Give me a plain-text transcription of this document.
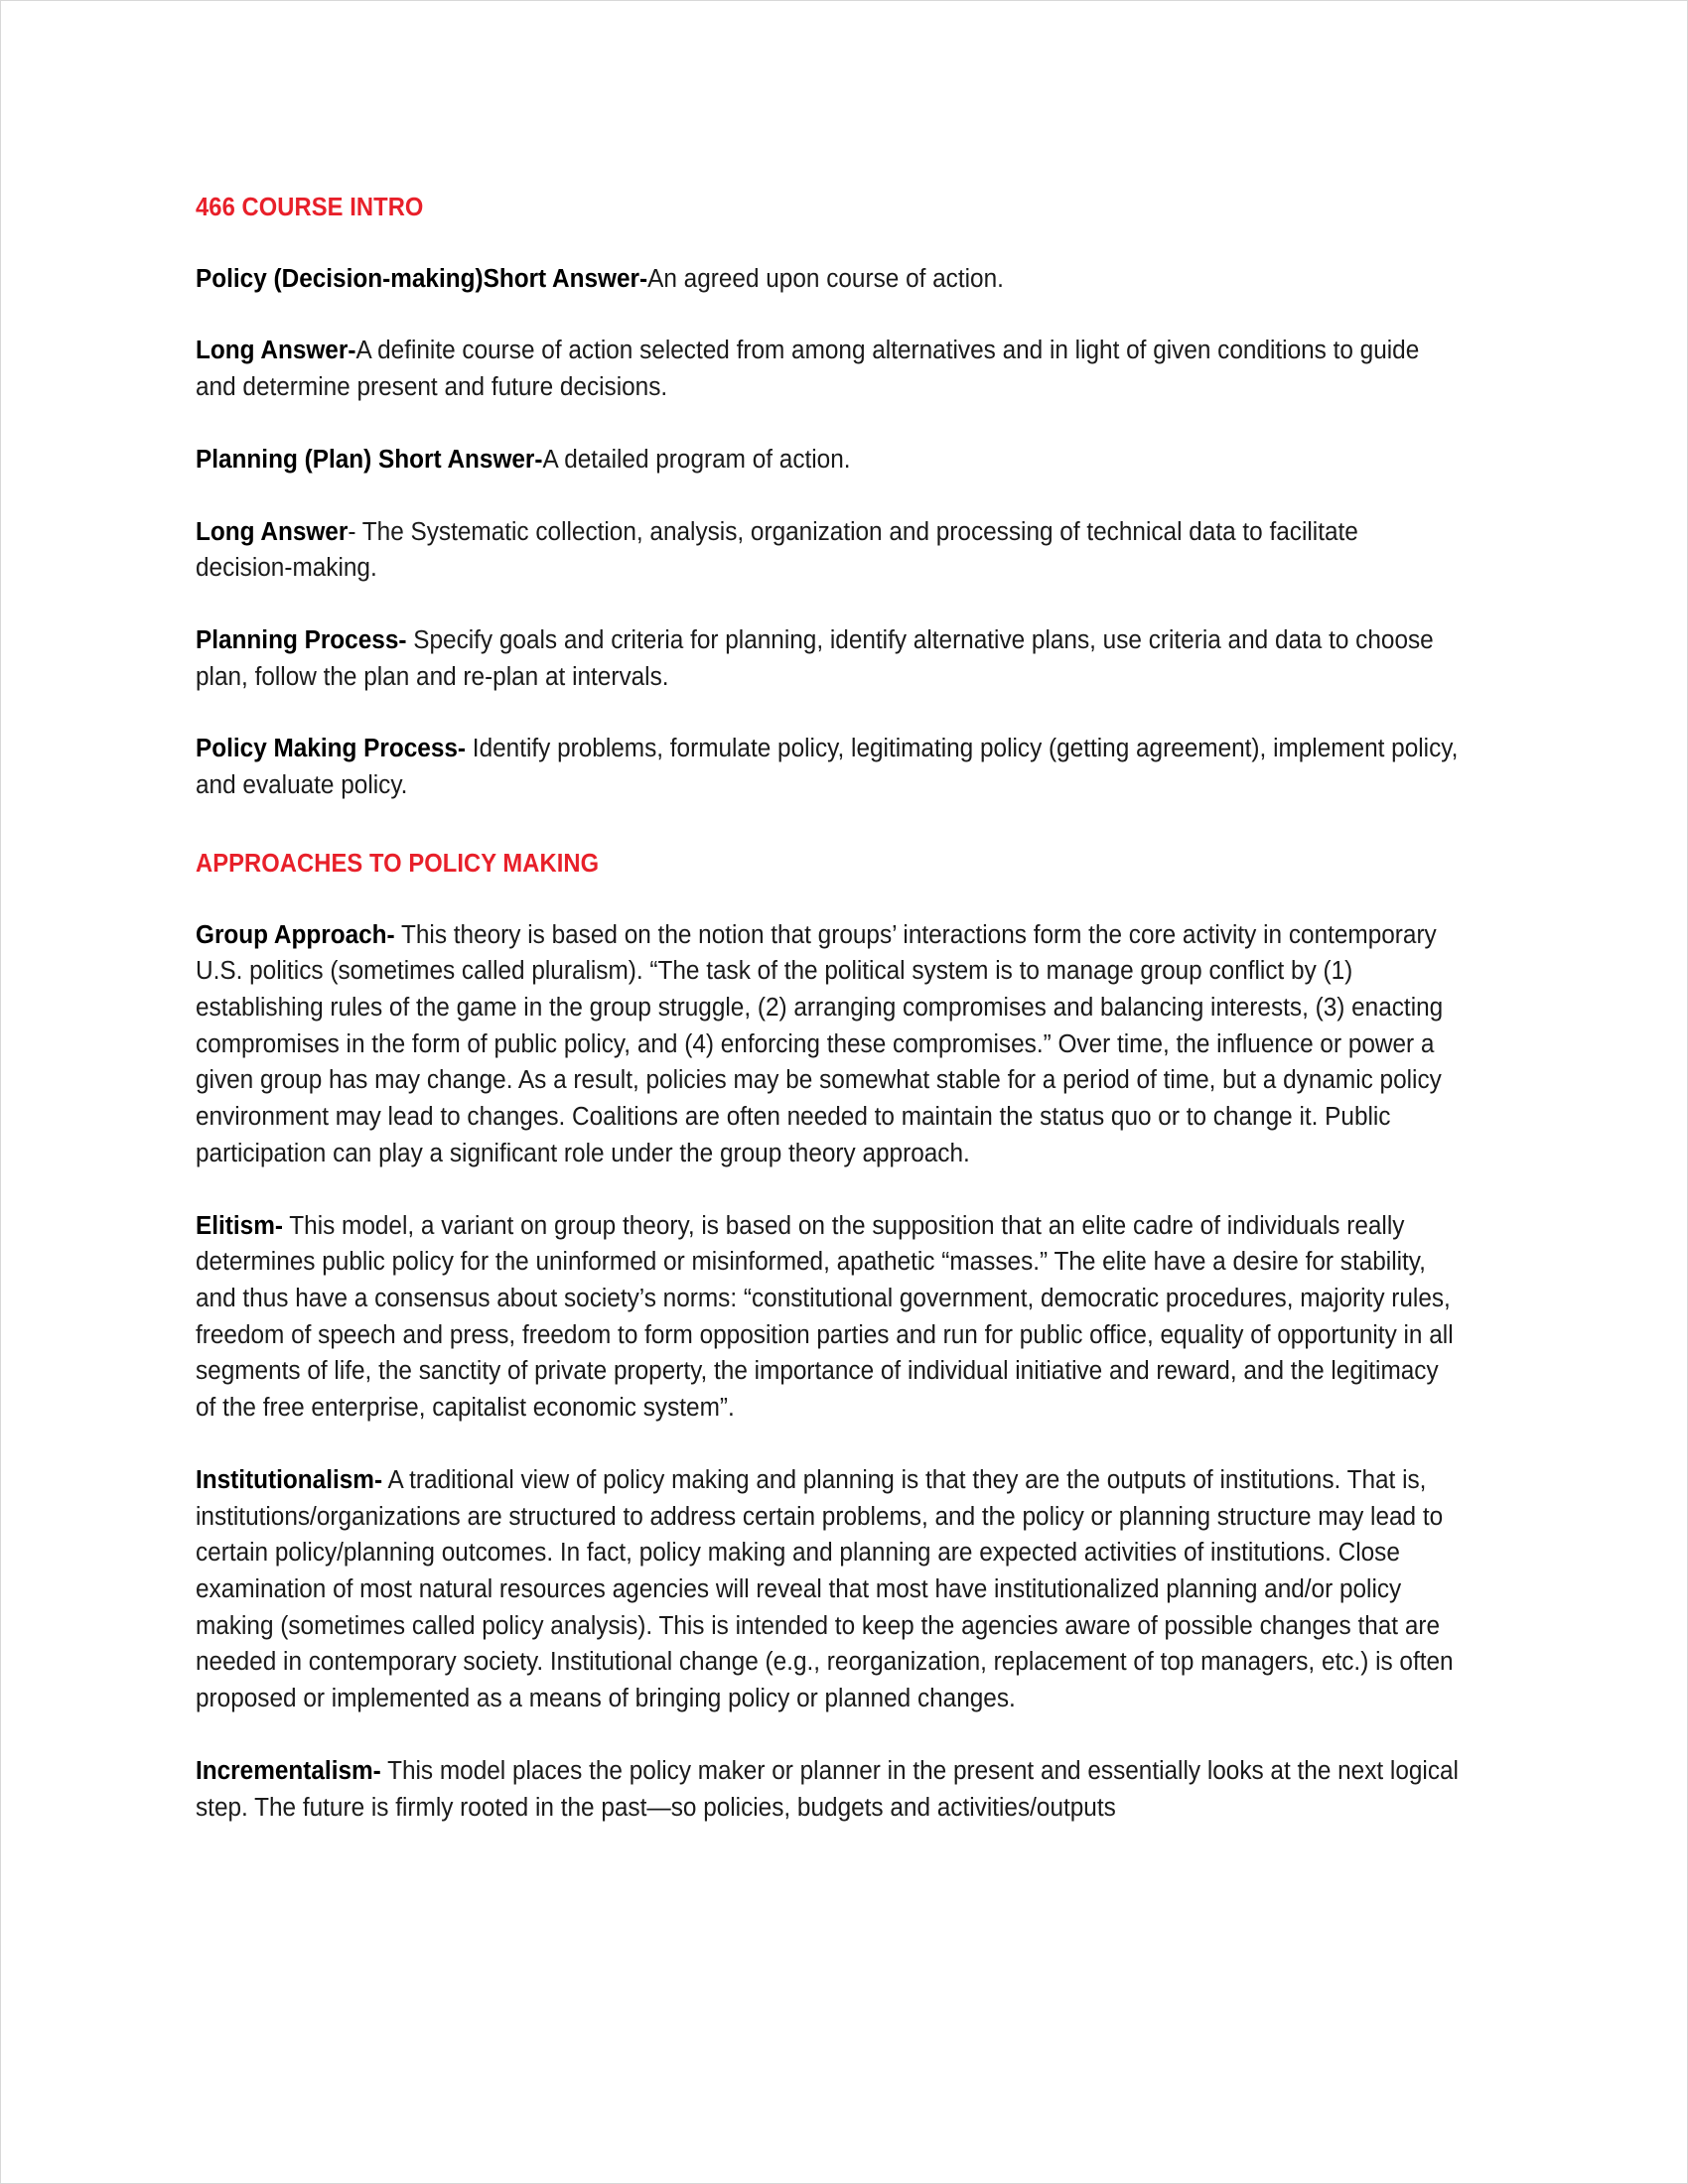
466 COURSE INTRO

Policy (Decision-making)Short Answer-An agreed upon course of action.

Long Answer-A definite course of action selected from among alternatives and in light of given conditions to guide and determine present and future decisions.

Planning (Plan) Short Answer-A detailed program of action.

Long Answer- The Systematic collection, analysis, organization and processing of technical data to facilitate decision-making.

Planning Process- Specify goals and criteria for planning, identify alternative plans, use criteria and data to choose plan, follow the plan and re-plan at intervals.

Policy Making Process- Identify problems, formulate policy, legitimating policy (getting agreement), implement policy, and evaluate policy.

APPROACHES TO POLICY MAKING

Group Approach- This theory is based on the notion that groups’ interactions form the core activity in contemporary U.S. politics (sometimes called pluralism). “The task of the political system is to manage group conflict by (1) establishing rules of the game in the group struggle, (2) arranging compromises and balancing interests, (3) enacting compromises in the form of public policy, and (4) enforcing these compromises.” Over time, the influence or power a given group has may change. As a result, policies may be somewhat stable for a period of time, but a dynamic policy environment may lead to changes. Coalitions are often needed to maintain the status quo or to change it. Public participation can play a significant role under the group theory approach.

Elitism- This model, a variant on group theory, is based on the supposition that an elite cadre of individuals really determines public policy for the uninformed or misinformed, apathetic “masses.” The elite have a desire for stability, and thus have a consensus about society’s norms: “constitutional government, democratic procedures, majority rules, freedom of speech and press, freedom to form opposition parties and run for public office, equality of opportunity in all segments of life, the sanctity of private property, the importance of individual initiative and reward, and the legitimacy of the free enterprise, capitalist economic system”.

Institutionalism- A traditional view of policy making and planning is that they are the outputs of institutions. That is, institutions/organizations are structured to address certain problems, and the policy or planning structure may lead to certain policy/planning outcomes. In fact, policy making and planning are expected activities of institutions. Close examination of most natural resources agencies will reveal that most have institutionalized planning and/or policy making (sometimes called policy analysis). This is intended to keep the agencies aware of possible changes that are needed in contemporary society. Institutional change (e.g., reorganization, replacement of top managers, etc.) is often proposed or implemented as a means of bringing policy or planned changes.

Incrementalism- This model places the policy maker or planner in the present and essentially looks at the next logical step. The future is firmly rooted in the past—so policies, budgets and activities/outputs
